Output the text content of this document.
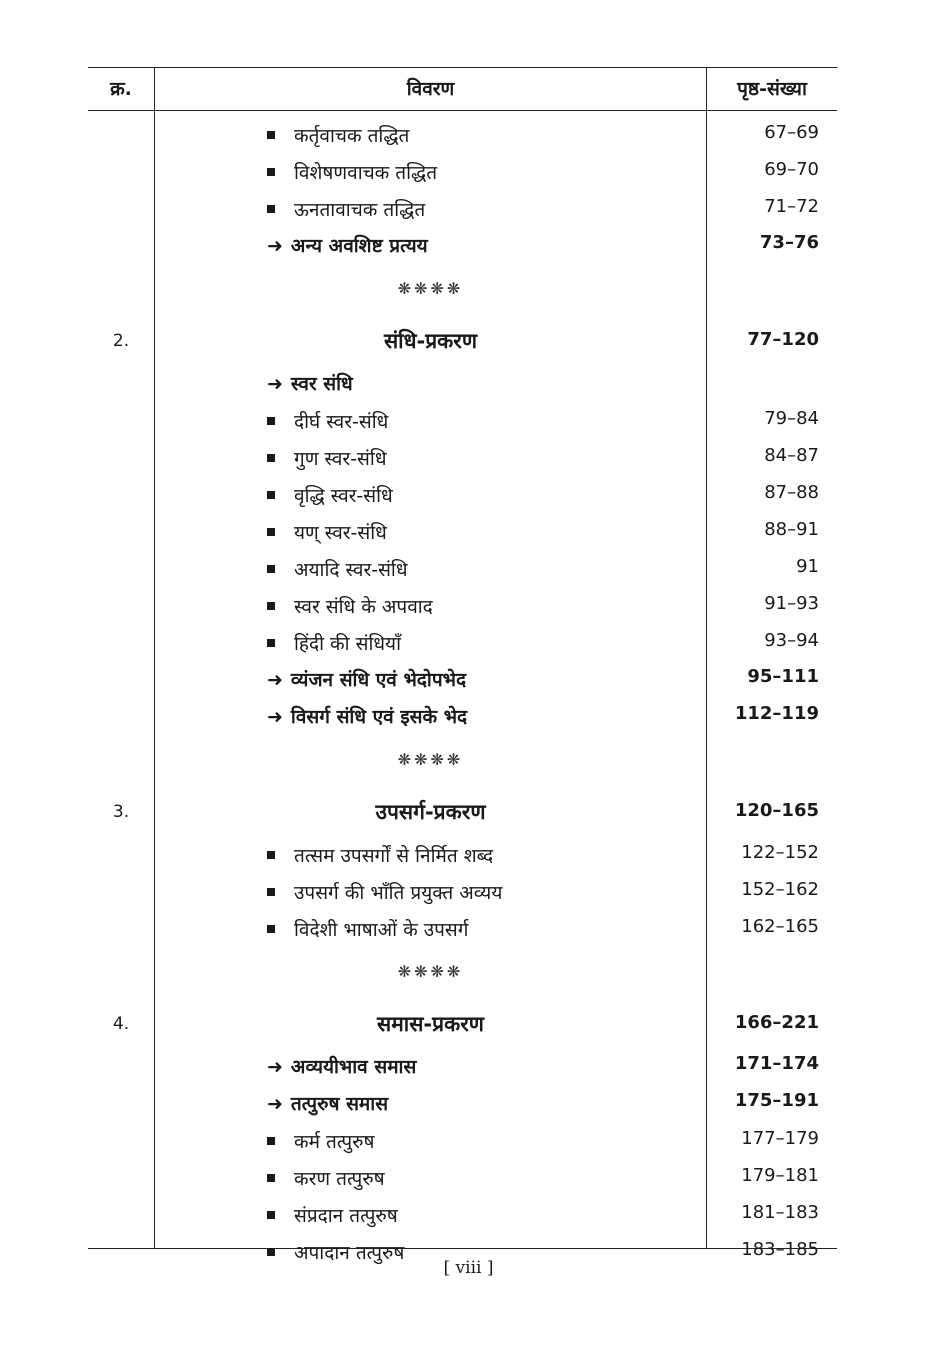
क्र.	विवरण	पृष्ठ-संख्या
कर्तृवाचक तद्धित	67–69
विशेषणवाचक तद्धित	69–70
ऊनतावाचक तद्धित	71–72
➜ अन्य अवशिष्ट प्रत्यय	73–76
❋❋❋❋
2.	संधि-प्रकरण	77–120
➜ स्वर संधि
दीर्घ स्वर-संधि	79–84
गुण स्वर-संधि	84–87
वृद्धि स्वर-संधि	87–88
यण् स्वर-संधि	88–91
अयादि स्वर-संधि	91
स्वर संधि के अपवाद	91–93
हिंदी की संधियाँ	93–94
➜ व्यंजन संधि एवं भेदोपभेद	95–111
➜ विसर्ग संधि एवं इसके भेद	112–119
❋❋❋❋
3.	उपसर्ग-प्रकरण	120–165
तत्सम उपसर्गों से निर्मित शब्द	122–152
उपसर्ग की भाँति प्रयुक्त अव्यय	152–162
विदेशी भाषाओं के उपसर्ग	162–165
❋❋❋❋
4.	समास-प्रकरण	166–221
➜ अव्ययीभाव समास	171–174
➜ तत्पुरुष समास	175–191
कर्म तत्पुरुष	177–179
करण तत्पुरुष	179–181
संप्रदान तत्पुरुष	181–183
अपादान तत्पुरुष	183–185
[ viii ]
